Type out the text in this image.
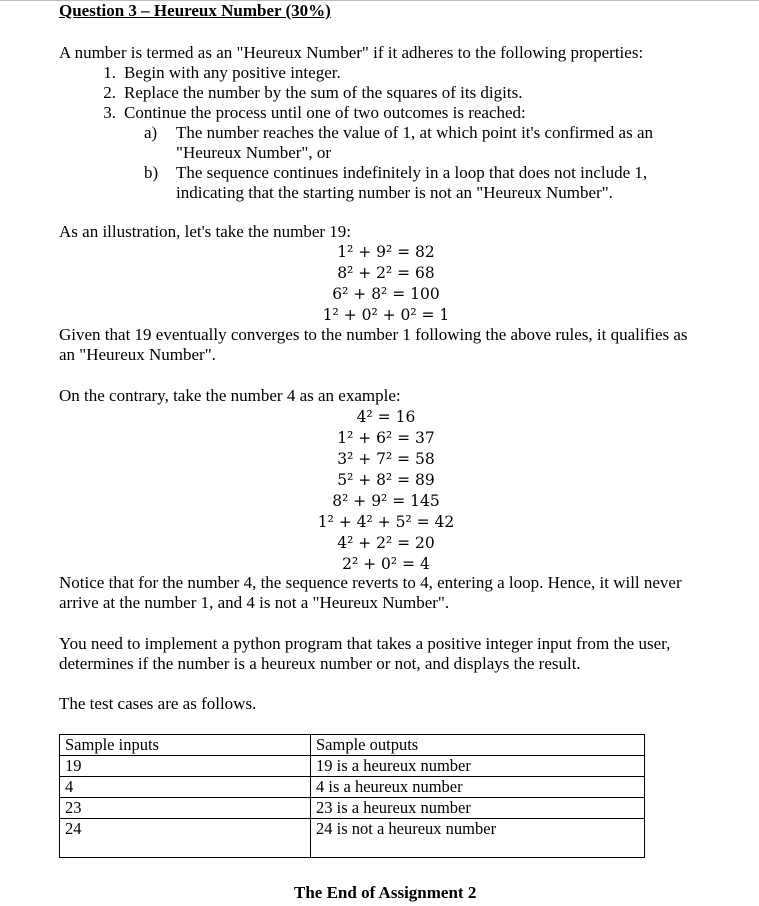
Question 3 – Heureux Number (30%)
A number is termed as an "Heureux Number" if it adheres to the following properties:
1. Begin with any positive integer.
2. Replace the number by the sum of the squares of its digits.
3. Continue the process until one of two outcomes is reached:
a) The number reaches the value of 1, at which point it's confirmed as an
"Heureux Number", or
b) The sequence continues indefinitely in a loop that does not include 1,
indicating that the starting number is not an "Heureux Number".
As an illustration, let's take the number 19:
1² + 9² = 82
8² + 2² = 68
6² + 8² = 100
1² + 0² + 0² = 1
Given that 19 eventually converges to the number 1 following the above rules, it qualifies as
an "Heureux Number".
On the contrary, take the number 4 as an example:
4² = 16
1² + 6² = 37
3² + 7² = 58
5² + 8² = 89
8² + 9² = 145
1² + 4² + 5² = 42
4² + 2² = 20
2² + 0² = 4
Notice that for the number 4, the sequence reverts to 4, entering a loop. Hence, it will never
arrive at the number 1, and 4 is not a "Heureux Number".
You need to implement a python program that takes a positive integer input from the user,
determines if the number is a heureux number or not, and displays the result.
The test cases are as follows.
Sample inputs	Sample outputs
19	19 is a heureux number
4	4 is a heureux number
23	23 is a heureux number
24	24 is not a heureux number
The End of Assignment 2
